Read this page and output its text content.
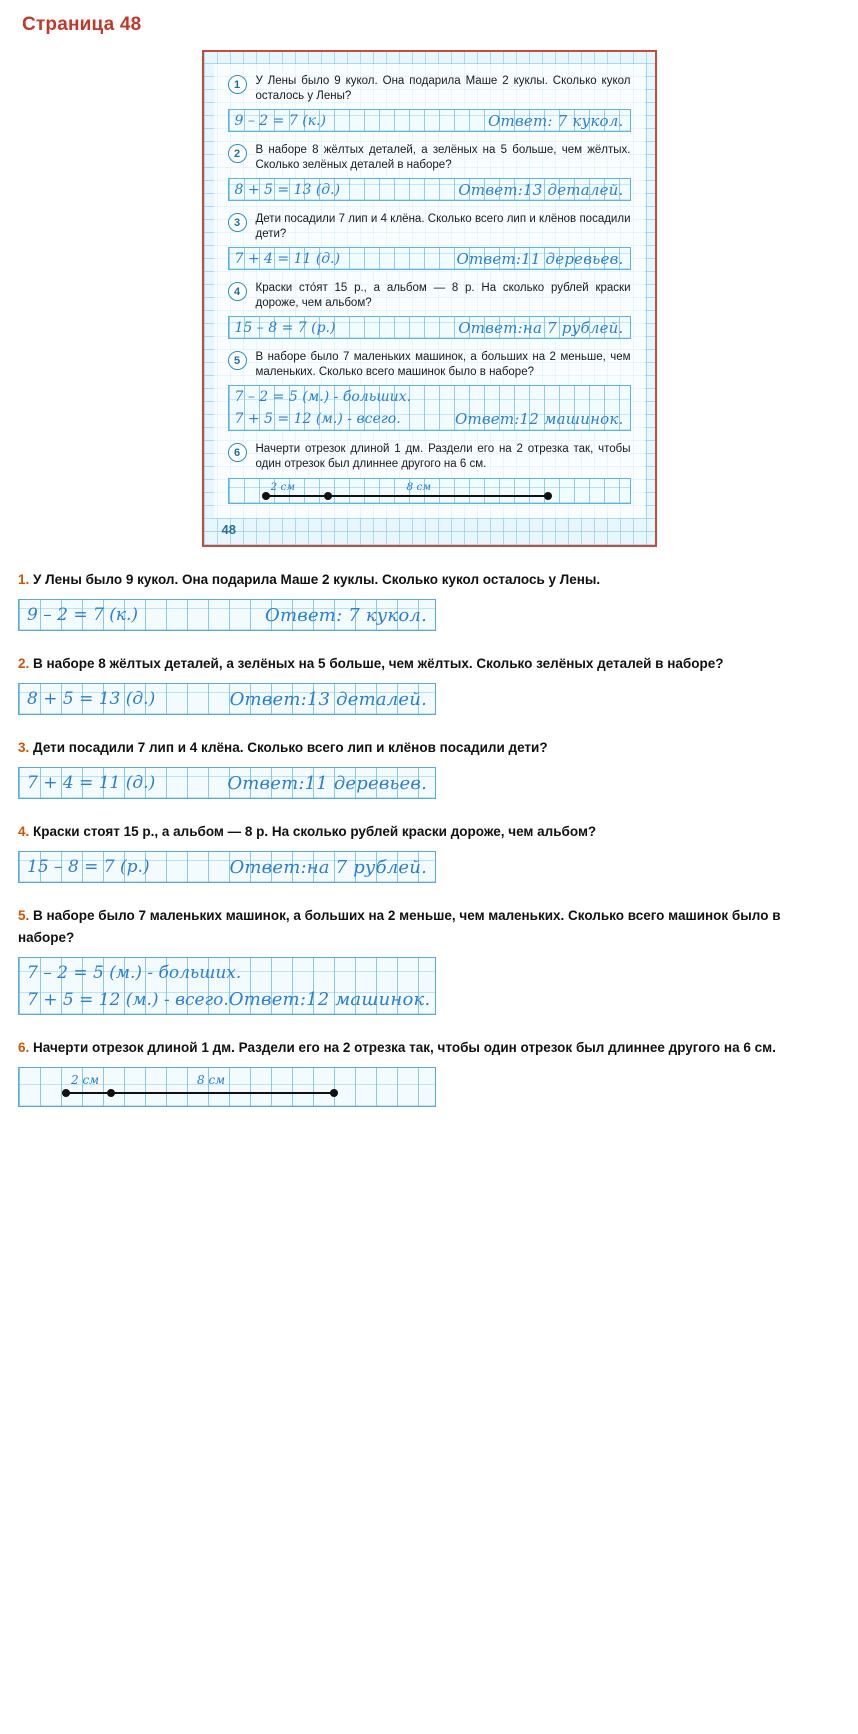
Страница 48
1	У Лены было 9 кукол. Она подарила Маше 2 куклы. Сколько кукол осталось у Лены?
9 – 2 = 7 (к.)	Ответ: 7 кукол.
2	В наборе 8 жёлтых деталей, а зелёных на 5 больше, чем жёлтых. Сколько зелёных деталей в наборе?
8 + 5 = 13 (д.)	Ответ:13 деталей.
3	Дети посадили 7 лип и 4 клёна. Сколько всего лип и клёнов посадили дети?
7 + 4 = 11 (д.)	Ответ:11 деревьев.
4	Краски сто́ят 15 р., а альбом — 8 р. На сколько рублей краски дороже, чем альбом?
15 – 8 = 7 (р.)	Ответ:на 7 рублей.
5	В наборе было 7 маленьких машинок, а больших на 2 меньше, чем маленьких. Сколько всего машинок было в наборе?
7 – 2 = 5 (м.) - больших.
7 + 5 = 12 (м.) - всего.	Ответ:12 машинок.
6	Начерти отрезок длиной 1 дм. Раздели его на 2 отрезка так, чтобы один отрезок был длиннее другого на 6 см.
2 см	8 см
48
1. У Лены было 9 кукол. Она подарила Маше 2 куклы. Сколько кукол осталось у Лены.
9 – 2 = 7 (к.)	Ответ: 7 кукол.
2. В наборе 8 жёлтых деталей, а зелёных на 5 больше, чем жёлтых. Сколько зелёных деталей в наборе?
8 + 5 = 13 (д.)	Ответ:13 деталей.
3. Дети посадили 7 лип и 4 клёна. Сколько всего лип и клёнов посадили дети?
7 + 4 = 11 (д.)	Ответ:11 деревьев.
4. Краски стоят 15 р., а альбом — 8 р. На сколько рублей краски дороже, чем альбом?
15 – 8 = 7 (р.)	Ответ:на 7 рублей.
5. В наборе было 7 маленьких машинок, а больших на 2 меньше, чем маленьких. Сколько всего машинок было в наборе?
7 – 2 = 5 (м.) - больших.
7 + 5 = 12 (м.) - всего. Ответ:12 машинок.
6. Начерти отрезок длиной 1 дм. Раздели его на 2 отрезка так, чтобы один отрезок был длиннее другого на 6 см.
2 см	8 см
